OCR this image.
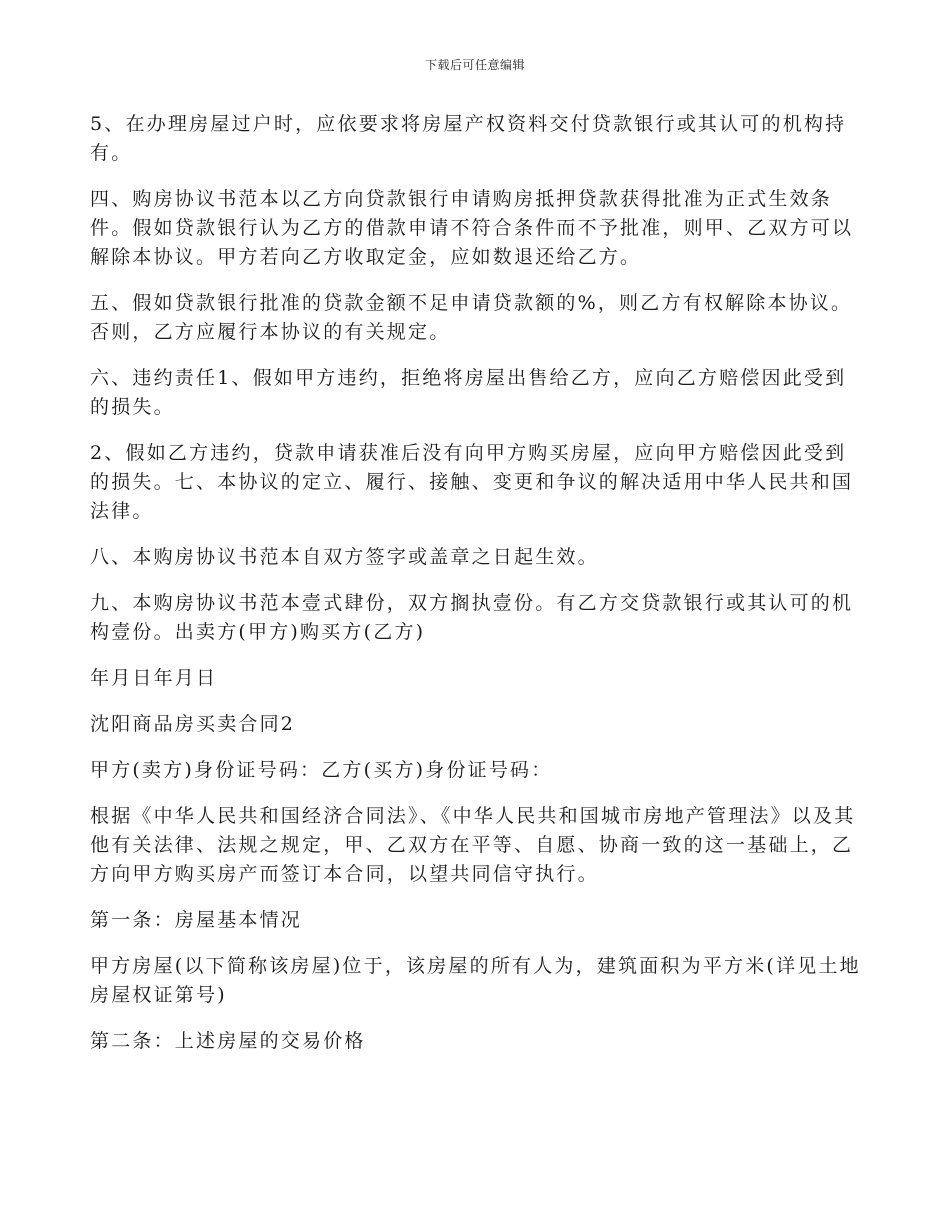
下载后可任意编辑

5、在办理房屋过户时，应依要求将房屋产权资料交付贷款银行或其认可的机构持有。

四、购房协议书范本以乙方向贷款银行申请购房抵押贷款获得批准为正式生效条件。假如贷款银行认为乙方的借款申请不符合条件而不予批准，则甲、乙双方可以解除本协议。甲方若向乙方收取定金，应如数退还给乙方。

五、假如贷款银行批准的贷款金额不足申请贷款额的%，则乙方有权解除本协议。否则，乙方应履行本协议的有关规定。

六、违约责任1、假如甲方违约，拒绝将房屋出售给乙方，应向乙方赔偿因此受到的损失。

2、假如乙方违约，贷款申请获准后没有向甲方购买房屋，应向甲方赔偿因此受到的损失。七、本协议的定立、履行、接触、变更和争议的解决适用中华人民共和国法律。

八、本购房协议书范本自双方签字或盖章之日起生效。

九、本购房协议书范本壹式肆份，双方搁执壹份。有乙方交贷款银行或其认可的机构壹份。出卖方(甲方)购买方(乙方)

年月日年月日

沈阳商品房买卖合同2

甲方(卖方)身份证号码：乙方(买方)身份证号码：

根据《中华人民共和国经济合同法》、《中华人民共和国城市房地产管理法》以及其他有关法律、法规之规定，甲、乙双方在平等、自愿、协商一致的这一基础上，乙方向甲方购买房产而签订本合同，以望共同信守执行。

第一条：房屋基本情况

甲方房屋(以下简称该房屋)位于，该房屋的所有人为，建筑面积为平方米(详见土地房屋权证第号)

第二条：上述房屋的交易价格
